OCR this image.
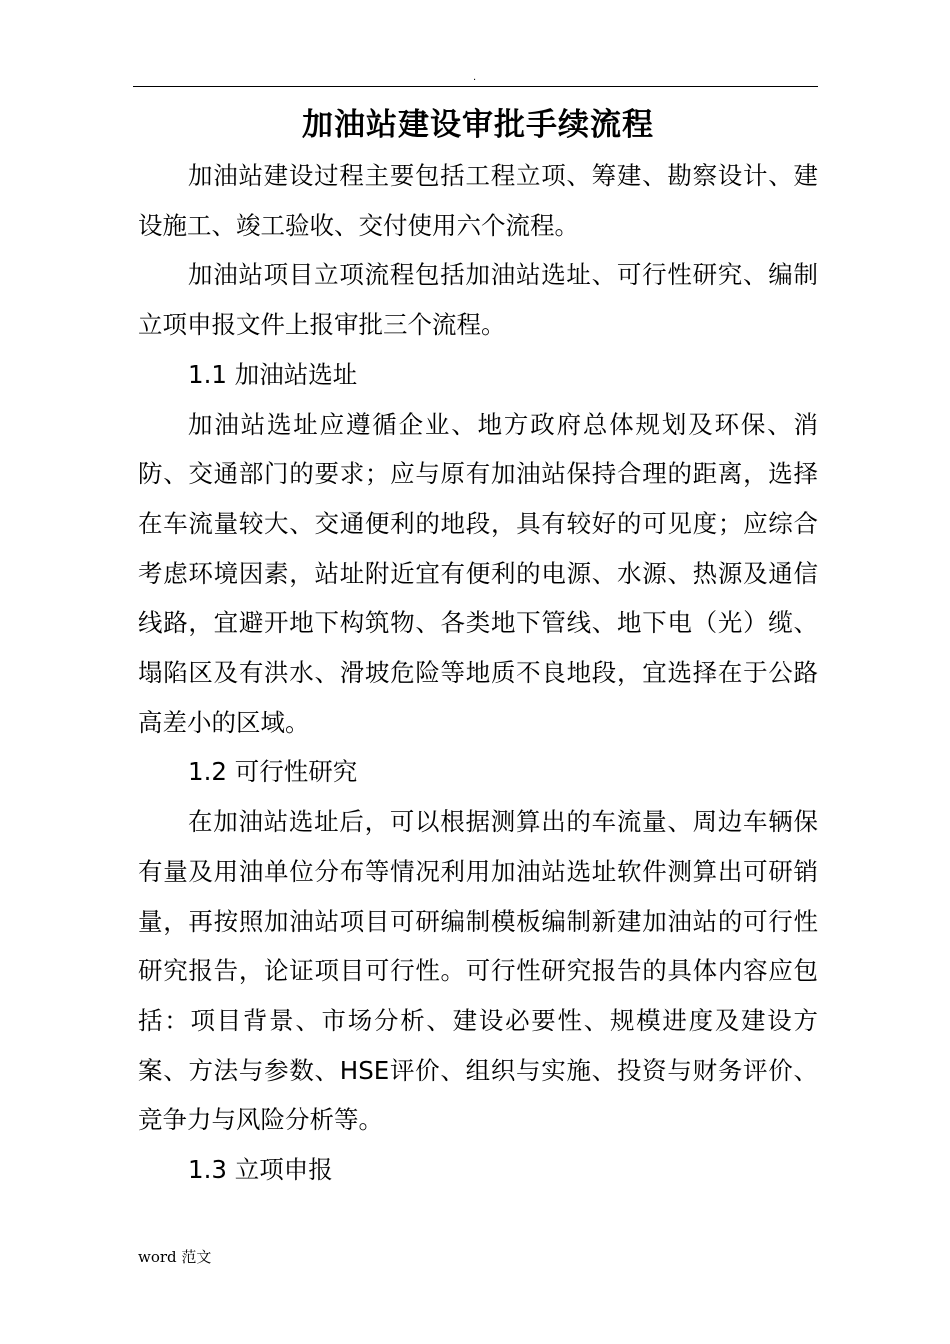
.
加油站建设审批手续流程

加油站建设过程主要包括工程立项、筹建、勘察设计、建设施工、竣工验收、交付使用六个流程。

加油站项目立项流程包括加油站选址、可行性研究、编制立项申报文件上报审批三个流程。

1.1 加油站选址

加油站选址应遵循企业、地方政府总体规划及环保、消防、交通部门的要求；应与原有加油站保持合理的距离，选择在车流量较大、交通便利的地段，具有较好的可见度；应综合考虑环境因素，站址附近宜有便利的电源、水源、热源及通信线路，宜避开地下构筑物、各类地下管线、地下电（光）缆、塌陷区及有洪水、滑坡危险等地质不良地段，宜选择在于公路高差小的区域。

1.2 可行性研究

在加油站选址后，可以根据测算出的车流量、周边车辆保有量及用油单位分布等情况利用加油站选址软件测算出可研销量，再按照加油站项目可研编制模板编制新建加油站的可行性研究报告，论证项目可行性。可行性研究报告的具体内容应包括：项目背景、市场分析、建设必要性、规模进度及建设方案、方法与参数、HSE评价、组织与实施、投资与财务评价、竞争力与风险分析等。

1.3 立项申报

word 范文
